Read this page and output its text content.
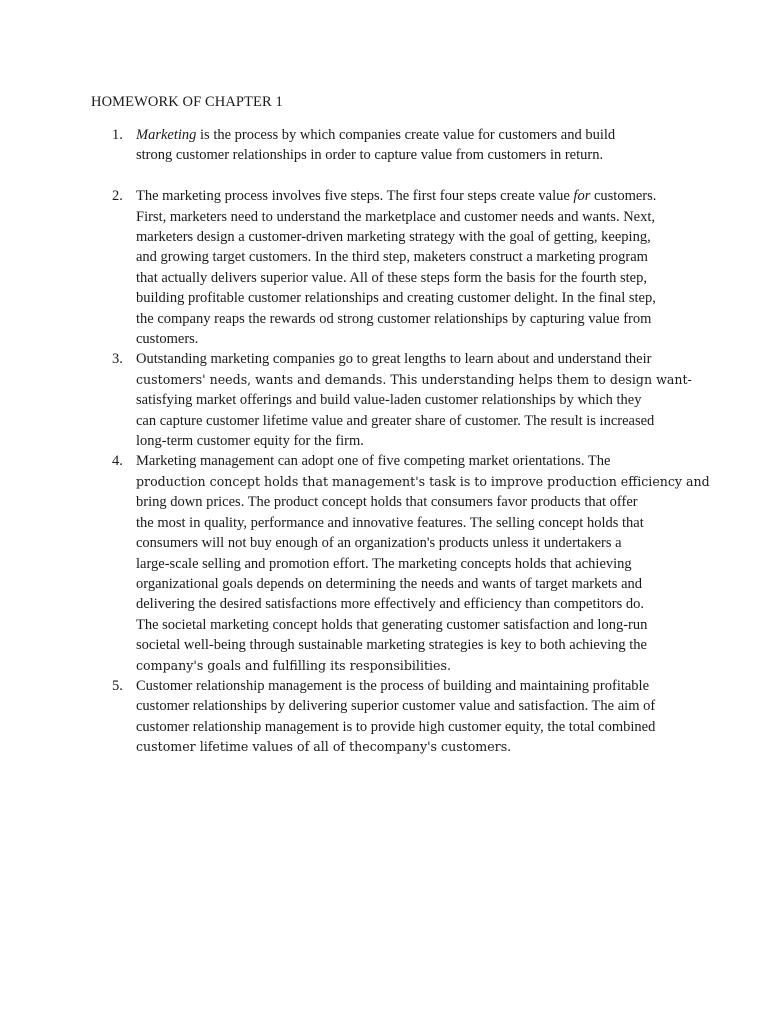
HOMEWORK OF CHAPTER 1
1. Marketing is the process by which companies create value for customers and build
strong customer relationships in order to capture value from customers in return.
2. The marketing process involves five steps. The first four steps create value for customers.
First, marketers need to understand the marketplace and customer needs and wants. Next,
marketers design a customer-driven marketing strategy with the goal of getting, keeping,
and growing target customers. In the third step, maketers construct a marketing program
that actually delivers superior value. All of these steps form the basis for the fourth step,
building profitable customer relationships and creating customer delight. In the final step,
the company reaps the rewards od strong customer relationships by capturing value from
customers.
3. Outstanding marketing companies go to great lengths to learn about and understand their
customers' needs, wants and demands. This understanding helps them to design want-
satisfying market offerings and build value-laden customer relationships by which they
can capture customer lifetime value and greater share of customer. The result is increased
long-term customer equity for the firm.
4. Marketing management can adopt one of five competing market orientations. The
production concept holds that management's task is to improve production efficiency and
bring down prices. The product concept holds that consumers favor products that offer
the most in quality, performance and innovative features. The selling concept holds that
consumers will not buy enough of an organization's products unless it undertakers a
large-scale selling and promotion effort. The marketing concepts holds that achieving
organizational goals depends on determining the needs and wants of target markets and
delivering the desired satisfactions more effectively and efficiency than competitors do.
The societal marketing concept holds that generating customer satisfaction and long-run
societal well-being through sustainable marketing strategies is key to both achieving the
company's goals and fulfilling its responsibilities.
5. Customer relationship management is the process of building and maintaining profitable
customer relationships by delivering superior customer value and satisfaction. The aim of
customer relationship management is to provide high customer equity, the total combined
customer lifetime values of all of thecompany's customers.
